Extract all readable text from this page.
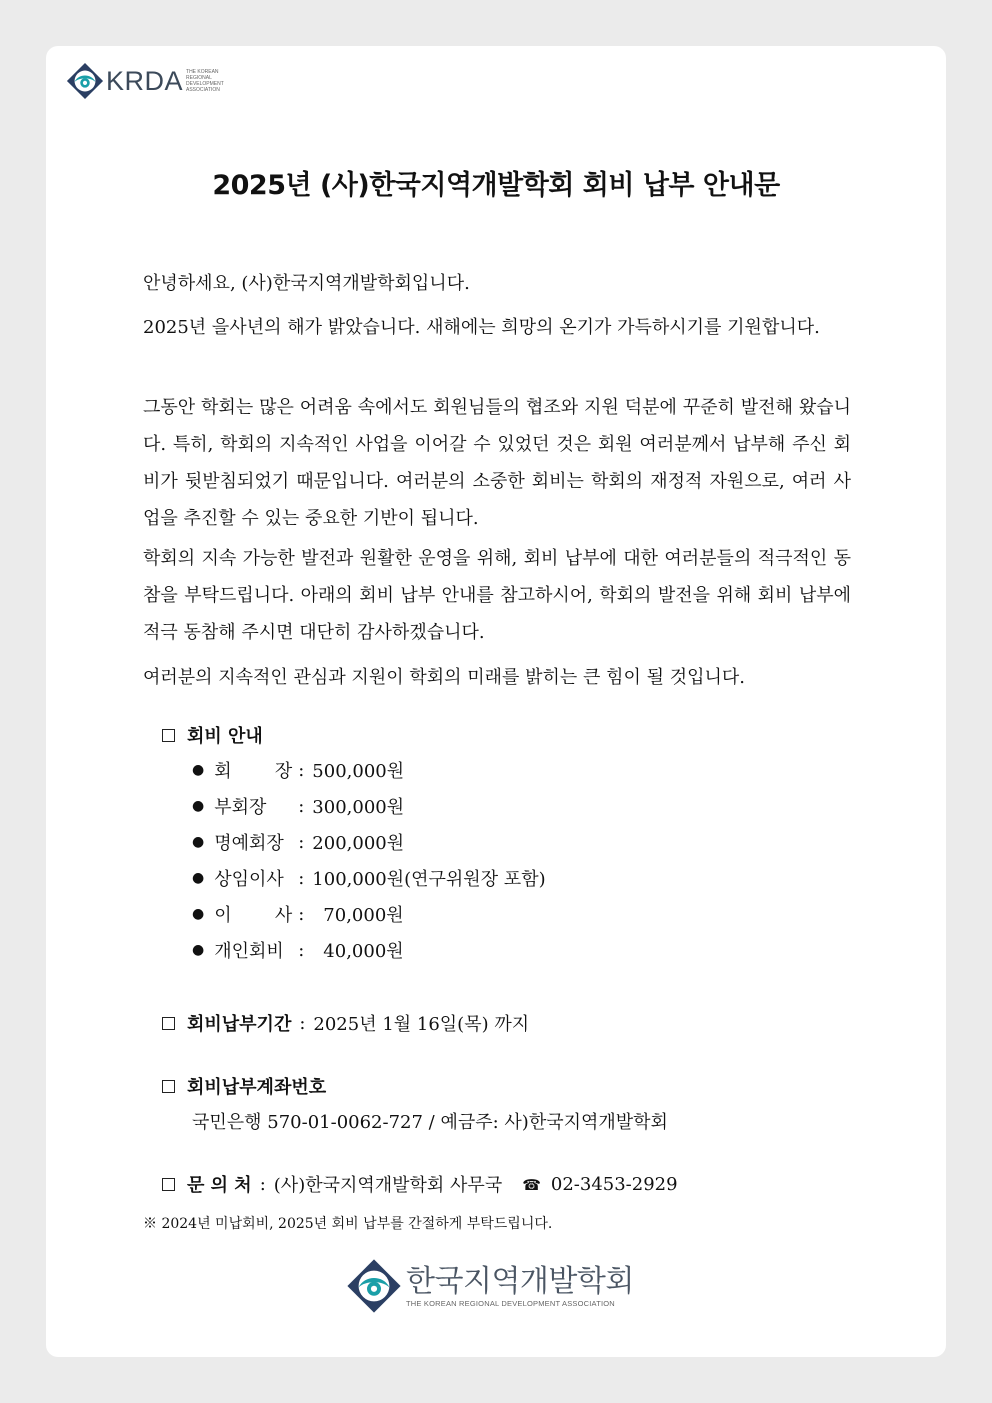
KRDA THE KOREAN
REGIONAL
DEVELOPMENT
ASSOCIATION
2025년 (사)한국지역개발학회 회비 납부 안내문
안녕하세요, (사)한국지역개발학회입니다.
2025년 을사년의 해가 밝았습니다. 새해에는 희망의 온기가 가득하시기를 기원합니다.
그동안 학회는 많은 어려움 속에서도 회원님들의 협조와 지원 덕분에 꾸준히 발전해 왔습니다. 특히, 학회의 지속적인 사업을 이어갈 수 있었던 것은 회원 여러분께서 납부해 주신 회비가 뒷받침되었기 때문입니다. 여러분의 소중한 회비는 학회의 재정적 자원으로, 여러 사업을 추진할 수 있는 중요한 기반이 됩니다.
학회의 지속 가능한 발전과 원활한 운영을 위해, 회비 납부에 대한 여러분들의 적극적인 동참을 부탁드립니다. 아래의 회비 납부 안내를 참고하시어, 학회의 발전을 위해 회비 납부에 적극 동참해 주시면 대단히 감사하겠습니다.
여러분의 지속적인 관심과 지원이 학회의 미래를 밝히는 큰 힘이 될 것입니다.
회비 안내
● 회 장 : 500,000원
● 부회장	: 300,000원
● 명예회장 : 200,000원
● 상임이사 : 100,000원 (연구위원장 포함)
● 이 사 : 70,000원
● 개인회비 : 40,000원
회비납부기간 : 2025년 1월 16일(목) 까지
회비납부계좌번호
국민은행 570-01-0062-727 / 예금주: 사)한국지역개발학회
문 의 처 : (사)한국지역개발학회 사무국 ☎ 02-3453-2929
※ 2024년 미납회비, 2025년 회비 납부를 간절하게 부탁드립니다.
한국지역개발학회
THE KOREAN REGIONAL DEVELOPMENT ASSOCIATION
